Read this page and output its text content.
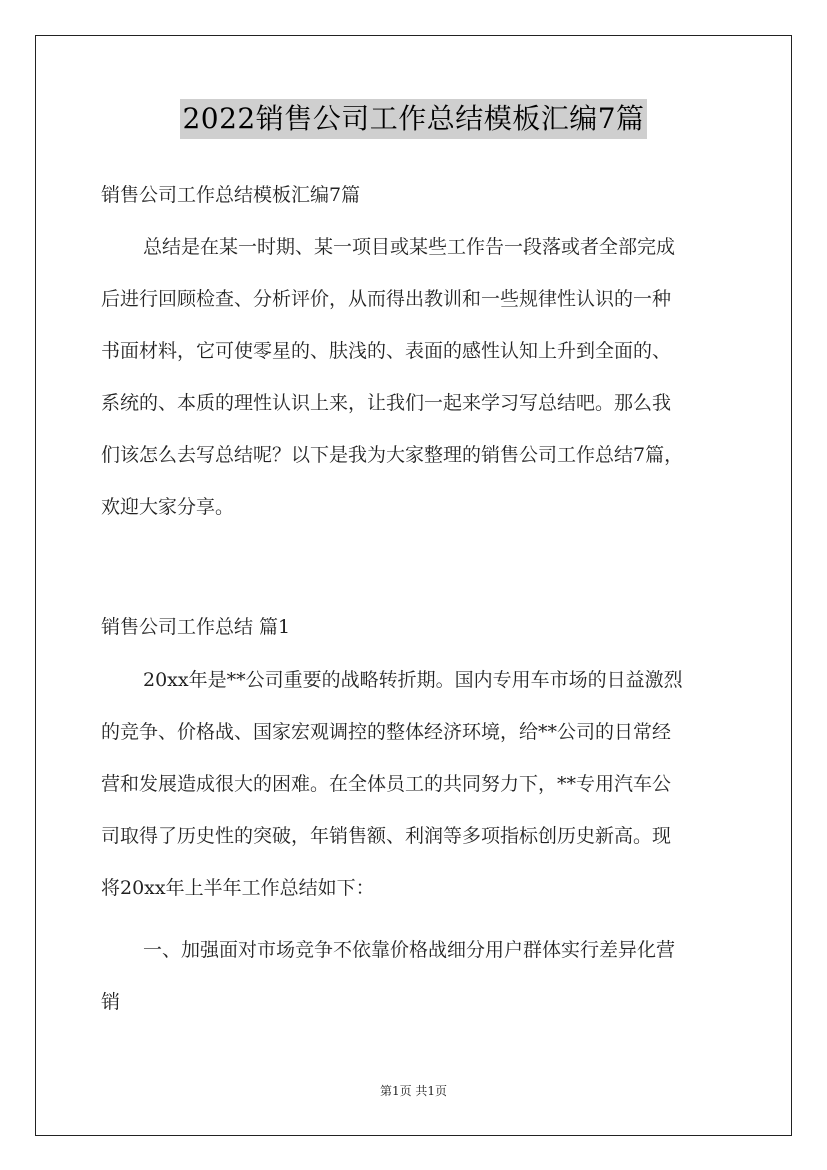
2022销售公司工作总结模板汇编7篇
销售公司工作总结模板汇编7篇
总结是在某一时期、某一项目或某些工作告一段落或者全部完成
后进行回顾检查、分析评价，从而得出教训和一些规律性认识的一种
书面材料，它可使零星的、肤浅的、表面的感性认知上升到全面的、
系统的、本质的理性认识上来，让我们一起来学习写总结吧。那么我
们该怎么去写总结呢？以下是我为大家整理的销售公司工作总结7篇，
欢迎大家分享。
销售公司工作总结 篇1
20xx年是**公司重要的战略转折期。国内专用车市场的日益激烈
的竞争、价格战、国家宏观调控的整体经济环境，给**公司的日常经
营和发展造成很大的困难。在全体员工的共同努力下，**专用汽车公
司取得了历史性的突破，年销售额、利润等多项指标创历史新高。现
将20xx年上半年工作总结如下：
一、加强面对市场竞争不依靠价格战细分用户群体实行差异化营
销
第1页 共1页
